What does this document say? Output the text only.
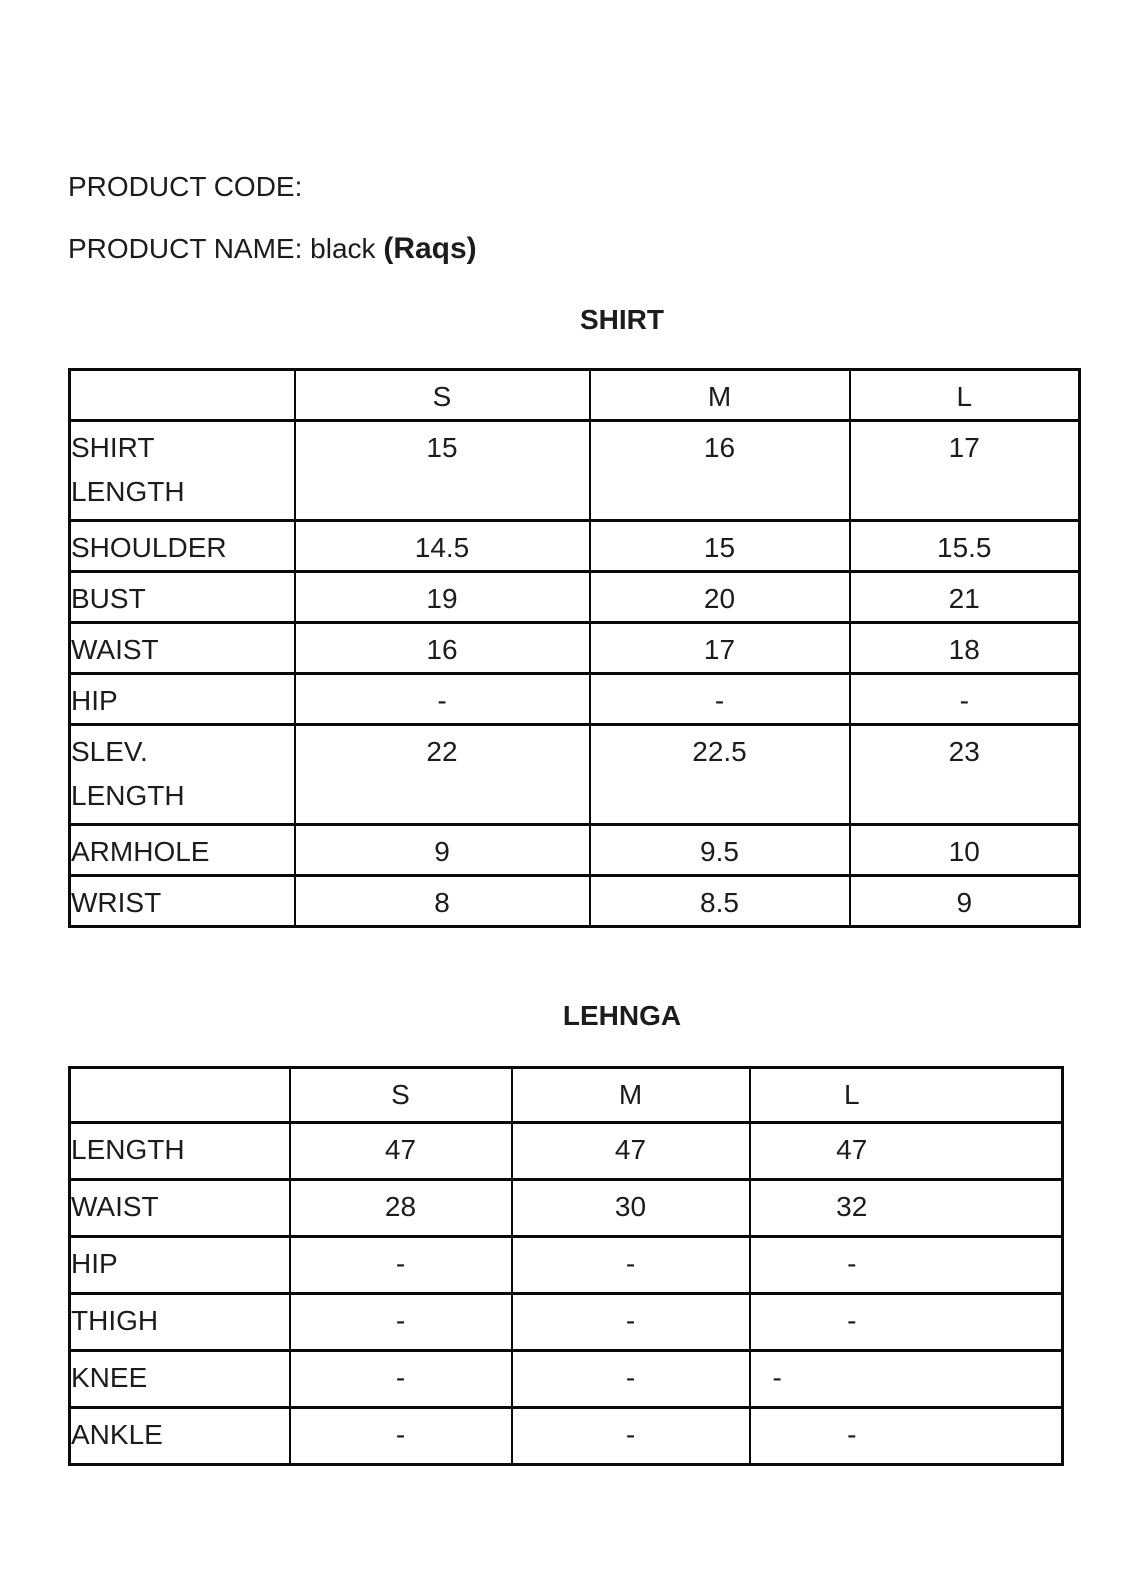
PRODUCT CODE:
PRODUCT NAME: black (Raqs)
SHIRT
	S	M	L

SHIRT
LENGTH	15	16	17

SHOULDER	14.5	15	15.5

BUST	19	20	21

WAIST	16	17	18

HIP	-	-	-

SLEV.
LENGTH	22	22.5	23

ARMHOLE	9	9.5	10

WRIST	8	8.5	9
LEHNGA
	S	M	L

LENGTH	47	47	47

WAIST	28	30	32

HIP	-	-	-

THIGH	-	-	-

KNEE	-	-	-

ANKLE	-	-	-
